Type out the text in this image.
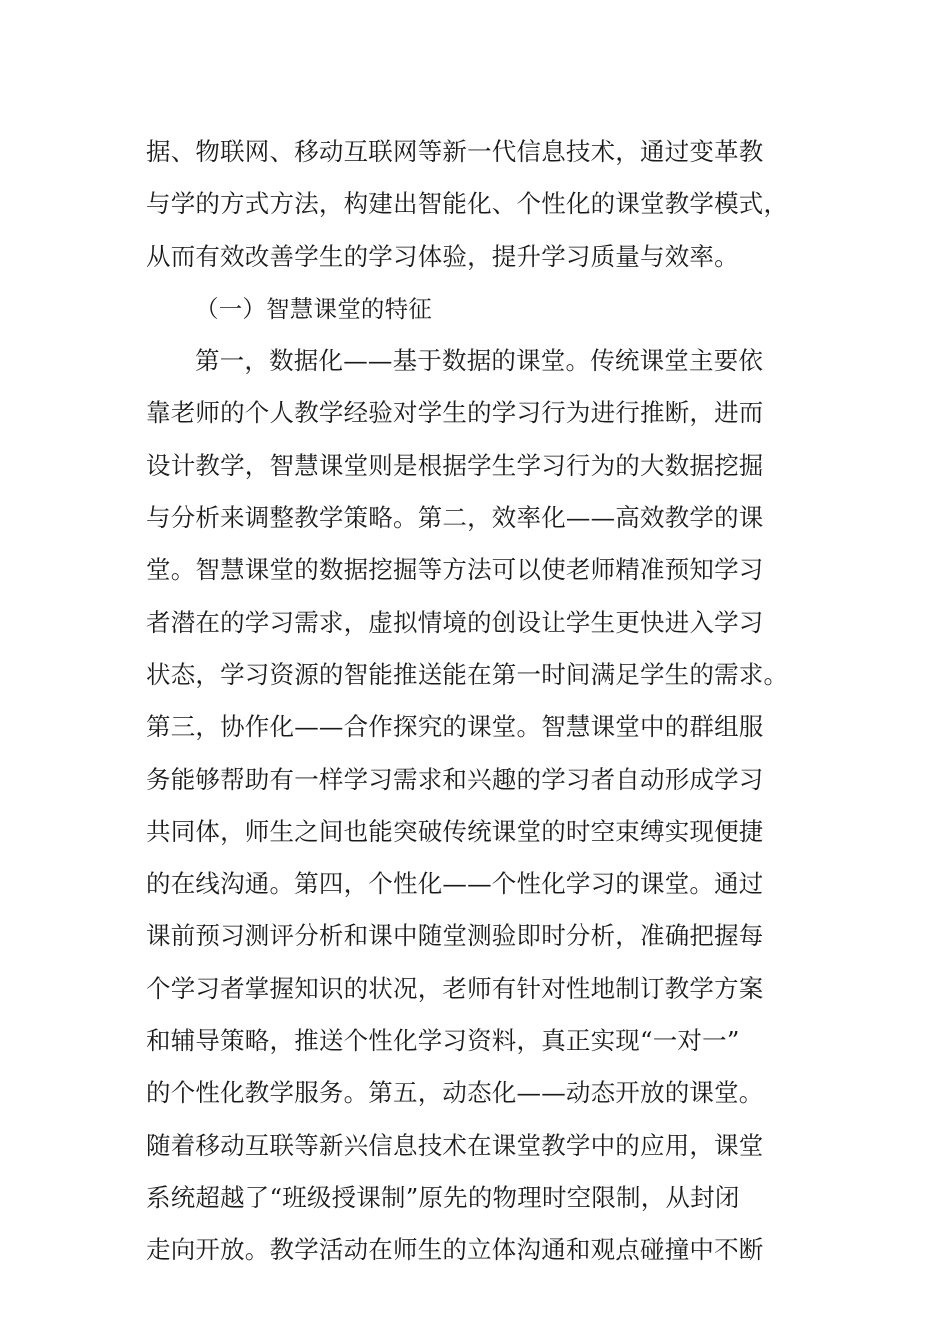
据、物联网、移动互联网等新一代信息技术，通过变革教
与学的方式方法，构建出智能化、个性化的课堂教学模式，
从而有效改善学生的学习体验，提升学习质量与效率。
（一）智慧课堂的特征
第一，数据化——基于数据的课堂。传统课堂主要依
靠老师的个人教学经验对学生的学习行为进行推断，进而
设计教学，智慧课堂则是根据学生学习行为的大数据挖掘
与分析来调整教学策略。第二，效率化——高效教学的课
堂。智慧课堂的数据挖掘等方法可以使老师精准预知学习
者潜在的学习需求，虚拟情境的创设让学生更快进入学习
状态，学习资源的智能推送能在第一时间满足学生的需求。
第三，协作化——合作探究的课堂。智慧课堂中的群组服
务能够帮助有一样学习需求和兴趣的学习者自动形成学习
共同体，师生之间也能突破传统课堂的时空束缚实现便捷
的在线沟通。第四，个性化——个性化学习的课堂。通过
课前预习测评分析和课中随堂测验即时分析，准确把握每
个学习者掌握知识的状况，老师有针对性地制订教学方案
和辅导策略，推送个性化学习资料，真正实现“一对一”
的个性化教学服务。第五，动态化——动态开放的课堂。
随着移动互联等新兴信息技术在课堂教学中的应用，课堂
系统超越了“班级授课制”原先的物理时空限制，从封闭
走向开放。教学活动在师生的立体沟通和观点碰撞中不断
